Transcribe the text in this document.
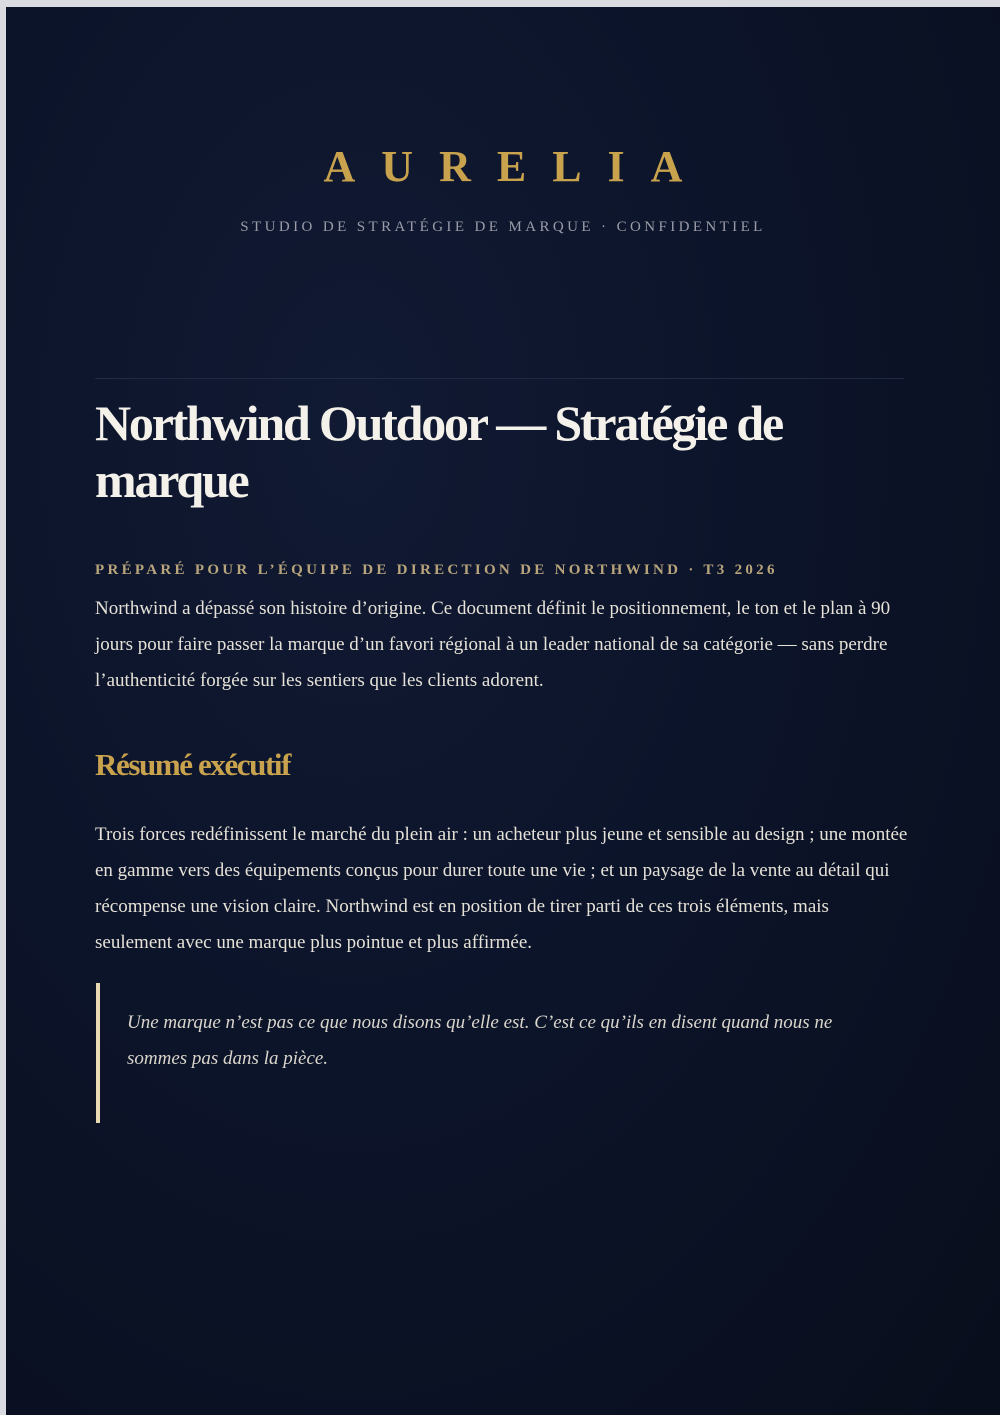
AURELIA
STUDIO DE STRATÉGIE DE MARQUE · CONFIDENTIEL
Northwind Outdoor — Stratégie de marque
PRÉPARÉ POUR L’ÉQUIPE DE DIRECTION DE NORTHWIND · T3 2026

Northwind a dépassé son histoire d’origine. Ce document définit le positionnement, le ton et le plan à 90 jours pour faire passer la marque d’un favori régional à un leader national de sa catégorie — sans perdre l’authenticité forgée sur les sentiers que les clients adorent.

Résumé exécutif

Trois forces redéfinissent le marché du plein air : un acheteur plus jeune et sensible au design ; une montée en gamme vers des équipements conçus pour durer toute une vie ; et un paysage de la vente au détail qui récompense une vision claire. Northwind est en position de tirer parti de ces trois éléments, mais seulement avec une marque plus pointue et plus affirmée.

Une marque n’est pas ce que nous disons qu’elle est. C’est ce qu’ils en disent quand nous ne sommes pas dans la pièce.
